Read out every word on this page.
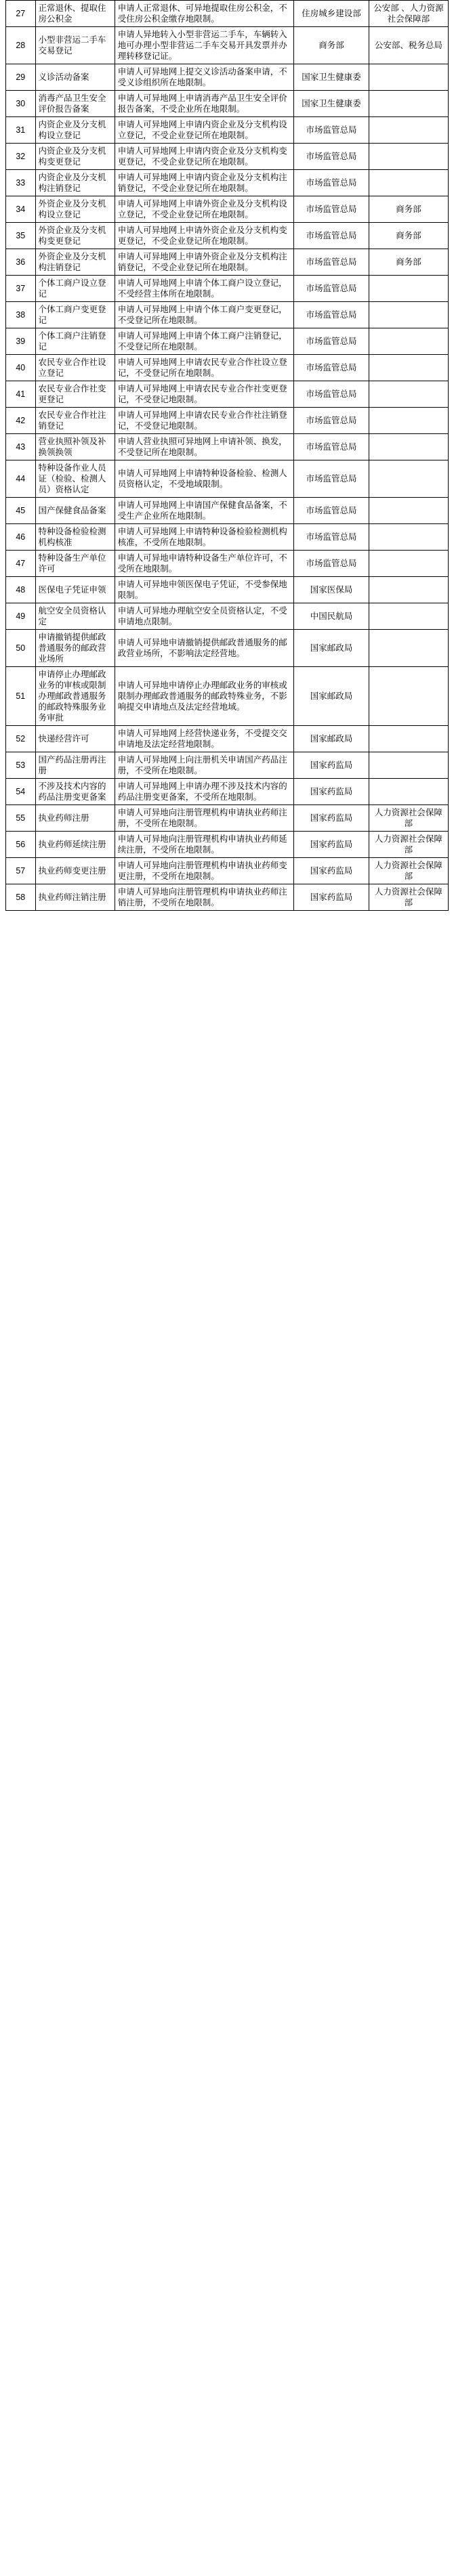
27	正常退休、提取住房公积金	申请人正常退休、可异地提取住房公积金，不受住房公积金缴存地限制。	住房城乡建设部	公安部 、人力资源社会保障部
28	小型非营运二手车交易登记	申请人异地转入小型非营运二手车，车辆转入地可办理小型非营运二手车交易开具发票并办理转移登记证。	商务部	公安部、税务总局
29	义诊活动备案	申请人可异地网上提交义诊活动备案申请，不受义诊组织所在地限制。	国家卫生健康委	
30	消毒产品卫生安全评价报告备案	申请人可异地网上申请消毒产品卫生安全评价报告备案，不受企业所在地限制。	国家卫生健康委	
31	内资企业及分支机构设立登记	申请人可异地网上申请内资企业及分支机构设立登记，不受企业登记所在地限制。	市场监管总局	
32	内资企业及分支机构变更登记	申请人可异地网上申请内资企业及分支机构变更登记，不受企业登记所在地限制。	市场监管总局	
33	内资企业及分支机构注销登记	申请人可异地网上申请内资企业及分支机构注销登记，不受企业登记所在地限制。	市场监管总局	
34	外资企业及分支机构设立登记	申请人可异地网上申请外资企业及分支机构设立登记，不受企业登记所在地限制。	市场监管总局	商务部
35	外资企业及分支机构变更登记	申请人可异地网上申请外资企业及分支机构变更登记，不受企业登记所在地限制。	市场监管总局	商务部
36	外资企业及分支机构注销登记	申请人可异地网上申请外资企业及分支机构注销登记，不受企业登记所在地限制。	市场监管总局	商务部
37	个体工商户设立登记	申请人可异地网上申请个体工商户设立登记，不受经营主体所在地限制。	市场监管总局	
38	个体工商户变更登记	申请人可异地网上申请个体工商户变更登记，不受登记所在地限制。	市场监管总局	
39	个体工商户注销登记	申请人可异地网上申请个体工商户注销登记，不受登记所在地限制。	市场监管总局	
40	农民专业合作社设立登记	申请人可异地网上申请农民专业合作社设立登记，不受登记所在地限制。	市场监管总局	
41	农民专业合作社变更登记	申请人可异地网上申请农民专业合作社变更登记，不受登记地限制。	市场监管总局	
42	农民专业合作社注销登记	申请人可异地网上申请农民专业合作社注销登记，不受登记地限制。	市场监管总局	
43	营业执照补领及补换领换领	申请人营业执照可异地网上申请补领、换发，不受登记所在地限制。	市场监管总局	
44	特种设备作业人员证（检验、检测人员）资格认定	申请人可异地网上申请特种设备检验、检测人员资格认定，不受地域限制。	市场监管总局	
45	国产保健食品备案	申请人可异地网上申请国产保健食品备案，不受生产企业所在地限制。	市场监管总局	
46	特种设备检验检测机构核准	申请人可异地网上申请特种设备检验检测机构核准，不受所在地限制。	市场监管总局	
47	特种设备生产单位许可	申请人可异地申请特种设备生产单位许可，不受所在地限制。	市场监管总局	
48	医保电子凭证申领	申请人可异地申领医保电子凭证，不受参保地限制。	国家医保局	
49	航空安全员资格认定	申请人可异地办理航空安全员资格认定，不受申请地点限制。	中国民航局	
50	申请撤销提供邮政普通服务的邮政营业场所	申请人可异地申请撤销提供邮政普通服务的邮政营业场所，不影响法定经营地。	国家邮政局	
51	申请停止办理邮政业务的审核或限制办理邮政普通服务的邮政特殊服务业务审批	申请人可异地申请停止办理邮政业务的审核或限制办理邮政普通服务的邮政特殊业务，不影响提交申请地点及法定经营地域。	国家邮政局	
52	快递经营许可	申请人可异地网上经营快递业务，不受提交交申请地及法定经营地限制。	国家邮政局	
53	国产药品注册再注册	申请人可异地网上向注册机关申请国产药品注册，不受所在地限制。	国家药监局	
54	不涉及技术内容的药品注册变更备案	申请人可异地网上申请办理不涉及技术内容的药品注册变更备案，不受所在地限制。	国家药监局	
55	执业药师注册	申请人可异地向注册管理机构申请执业药师注册，不受所在地限制。	国家药监局	人力资源社会保障部
56	执业药师延续注册	申请人可异地向注册管理机构申请执业药师延续注册，不受所在地限制。	国家药监局	人力资源社会保障部
57	执业药师变更注册	申请人可异地向注册管理机构申请执业药师变更注册，不受所在地限制。	国家药监局	人力资源社会保障部
58	执业药师注销注册	申请人可异地向注册管理机构申请执业药师注销注册，不受所在地限制。	国家药监局	人力资源社会保障部
